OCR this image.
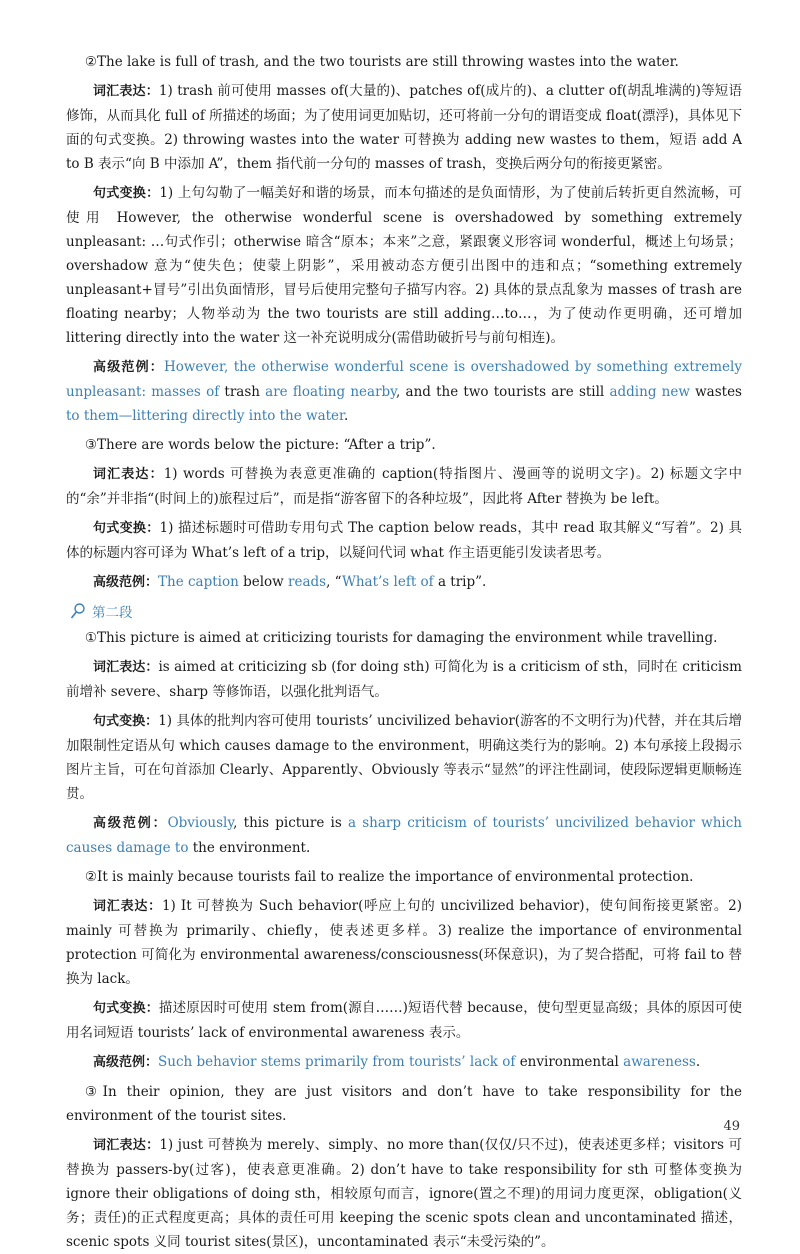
②The lake is full of trash, and the two tourists are still throwing wastes into the water.

词汇表达：1) trash 前可使用 masses of(大量的)、patches of(成片的)、a clutter of(胡乱堆满的)等短语修饰，从而具化 full of 所描述的场面；为了使用词更加贴切，还可将前一分句的谓语变成 float(漂浮)，具体见下面的句式变换。2) throwing wastes into the water 可替换为 adding new wastes to them，短语 add A to B 表示“向 B 中添加 A”，them 指代前一分句的 masses of trash，变换后两分句的衔接更紧密。

句式变换：1) 上句勾勒了一幅美好和谐的场景，而本句描述的是负面情形，为了使前后转折更自然流畅，可使用 However, the otherwise wonderful scene is overshadowed by something extremely unpleasant: …句式作引；otherwise 暗含“原本；本来”之意，紧跟褒义形容词 wonderful，概述上句场景；overshadow 意为“使失色；使蒙上阴影”，采用被动态方便引出图中的违和点；“something extremely unpleasant+冒号”引出负面情形，冒号后使用完整句子描写内容。2) 具体的景点乱象为 masses of trash are floating nearby；人物举动为 the two tourists are still adding…to…，为了使动作更明确，还可增加 littering directly into the water 这一补充说明成分(需借助破折号与前句相连)。

高级范例：However, the otherwise wonderful scene is overshadowed by something extremely unpleasant: masses of trash are floating nearby, and the two tourists are still adding new wastes to them—littering directly into the water.

③There are words below the picture: “After a trip”.

词汇表达：1) words 可替换为表意更准确的 caption(特指图片、漫画等的说明文字)。2) 标题文字中的“余”并非指“(时间上的)旅程过后”，而是指“游客留下的各种垃圾”，因此将 After 替换为 be left。

句式变换：1) 描述标题时可借助专用句式 The caption below reads，其中 read 取其解义“写着”。2) 具体的标题内容可译为 What’s left of a trip，以疑问代词 what 作主语更能引发读者思考。

高级范例：The caption below reads, “What’s left of a trip”.

第二段

①This picture is aimed at criticizing tourists for damaging the environment while travelling.

词汇表达：is aimed at criticizing sb (for doing sth) 可简化为 is a criticism of sth，同时在 criticism 前增补 severe、sharp 等修饰语，以强化批判语气。

句式变换：1) 具体的批判内容可使用 tourists’ uncivilized behavior(游客的不文明行为)代替，并在其后增加限制性定语从句 which causes damage to the environment，明确这类行为的影响。2) 本句承接上段揭示图片主旨，可在句首添加 Clearly、Apparently、Obviously 等表示“显然”的评注性副词，使段际逻辑更顺畅连贯。

高级范例：Obviously, this picture is a sharp criticism of tourists’ uncivilized behavior which causes damage to the environment.

②It is mainly because tourists fail to realize the importance of environmental protection.

词汇表达：1) It 可替换为 Such behavior(呼应上句的 uncivilized behavior)，使句间衔接更紧密。2) mainly 可替换为 primarily、chiefly，使表述更多样。3) realize the importance of environmental protection 可简化为 environmental awareness/consciousness(环保意识)，为了契合搭配，可将 fail to 替换为 lack。

句式变换：描述原因时可使用 stem from(源自……)短语代替 because，使句型更显高级；具体的原因可使用名词短语 tourists’ lack of environmental awareness 表示。

高级范例：Such behavior stems primarily from tourists’ lack of environmental awareness.

③In their opinion, they are just visitors and don’t have to take responsibility for the environment of the tourist sites.

词汇表达：1) just 可替换为 merely、simply、no more than(仅仅/只不过)，使表述更多样；visitors 可替换为 passers-by(过客)，使表意更准确。2) don’t have to take responsibility for sth 可整体变换为 ignore their obligations of doing sth，相较原句而言，ignore(置之不理)的用词力度更深，obligation(义务；责任)的正式程度更高；具体的责任可用 keeping the scenic spots clean and uncontaminated 描述，scenic spots 义同 tourist sites(景区)，uncontaminated 表示“未受污染的”。

49
